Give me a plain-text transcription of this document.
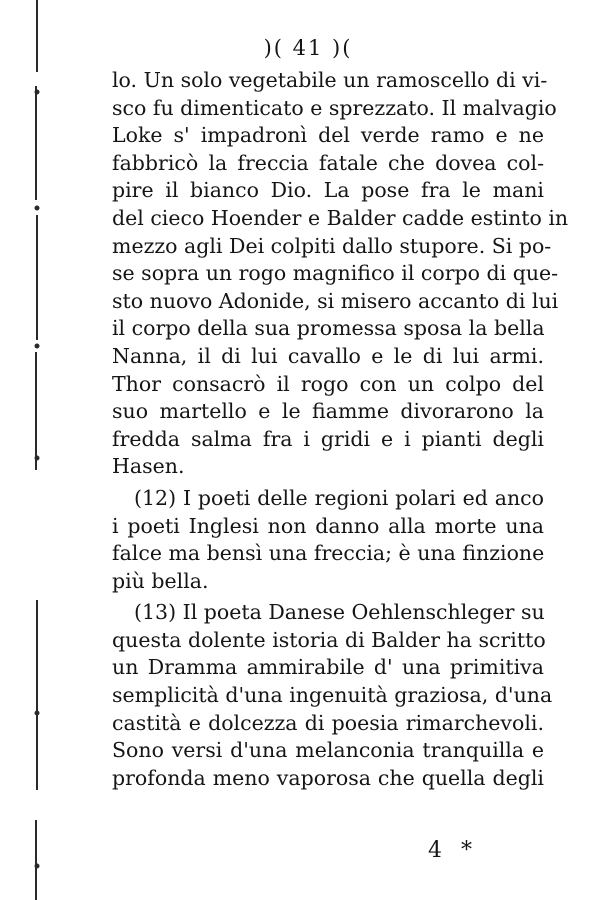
)( 41 )(
lo. Un solo vegetabile un ramoscello di vi-
sco fu dimenticato e sprezzato. Il malvagio
Loke s' impadronì del verde ramo e ne
fabbricò la freccia fatale che dovea col-
pire il bianco Dio. La pose fra le mani
del cieco Hoender e Balder cadde estinto in
mezzo agli Dei colpiti dallo stupore. Si po-
se sopra un rogo magnifico il corpo di que-
sto nuovo Adonide, si misero accanto di lui
il corpo della sua promessa sposa la bella
Nanna, il di lui cavallo e le di lui armi.
Thor consacrò il rogo con un colpo del
suo martello e le fiamme divorarono la
fredda salma fra i gridi e i pianti degli
Hasen.
(12) I poeti delle regioni polari ed anco
i poeti Inglesi non danno alla morte una
falce ma bensì una freccia; è una finzione
più bella.
(13) Il poeta Danese Oehlenschleger su
questa dolente istoria di Balder ha scritto
un Dramma ammirabile d' una primitiva
semplicità d'una ingenuità graziosa, d'una
castità e dolcezza di poesia rimarchevoli.
Sono versi d'una melanconia tranquilla e
profonda meno vaporosa che quella degli
4 *
